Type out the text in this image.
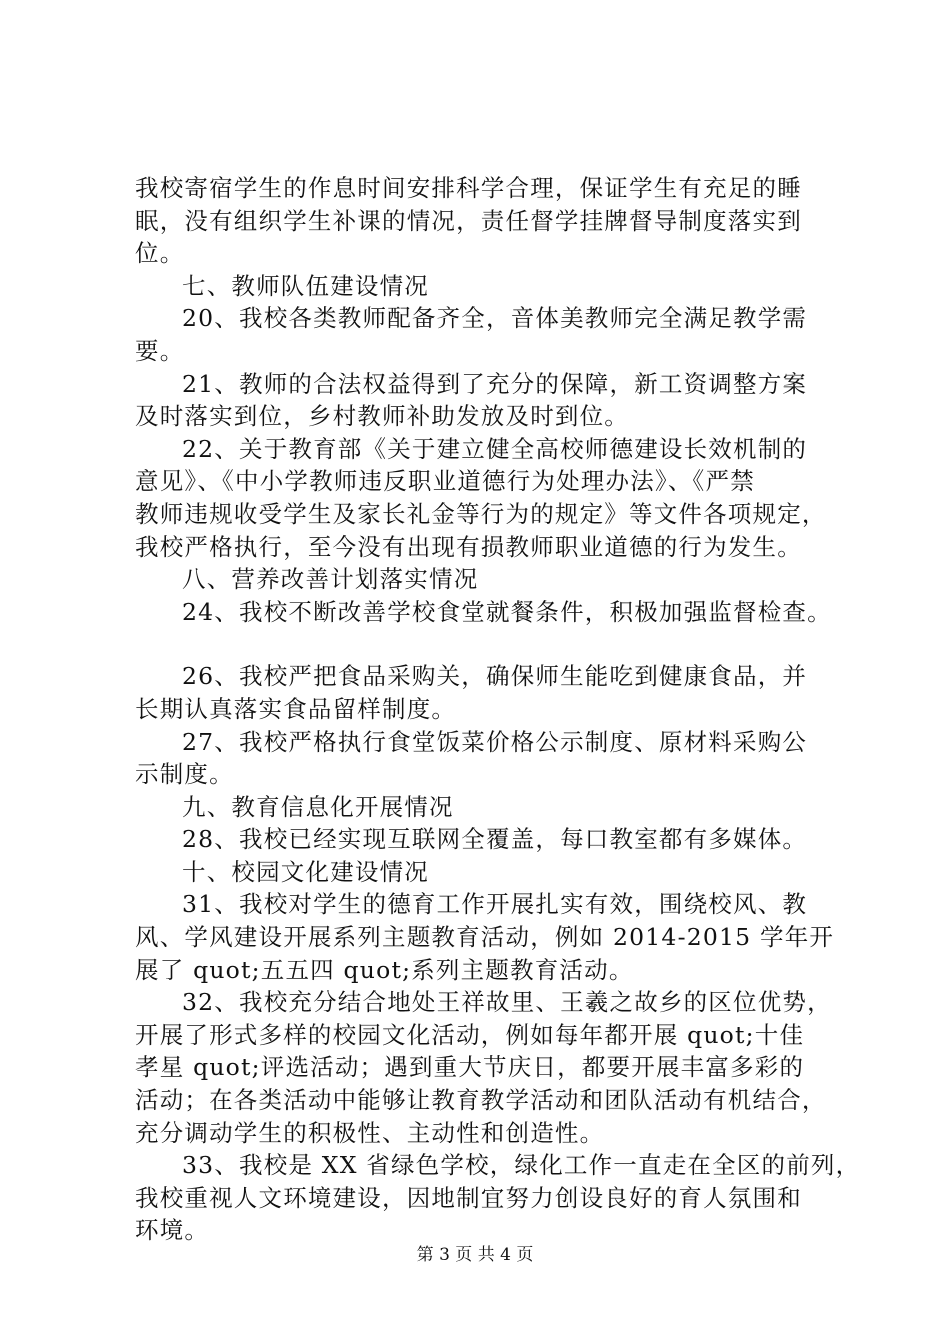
我校寄宿学生的作息时间安排科学合理，保证学生有充足的睡
眠，没有组织学生补课的情况，责任督学挂牌督导制度落实到
位。
七、教师队伍建设情况
20、我校各类教师配备齐全，音体美教师完全满足教学需
要。
21、教师的合法权益得到了充分的保障，新工资调整方案
及时落实到位，乡村教师补助发放及时到位。
22、关于教育部《关于建立健全高校师德建设长效机制的
意见》、《中小学教师违反职业道德行为处理办法》、《严禁
教师违规收受学生及家长礼金等行为的规定》等文件各项规定，
我校严格执行，至今没有出现有损教师职业道德的行为发生。
八、营养改善计划落实情况
24、我校不断改善学校食堂就餐条件，积极加强监督检查。
26、我校严把食品采购关，确保师生能吃到健康食品，并
长期认真落实食品留样制度。
27、我校严格执行食堂饭菜价格公示制度、原材料采购公
示制度。
九、教育信息化开展情况
28、我校已经实现互联网全覆盖，每口教室都有多媒体。
十、校园文化建设情况
31、我校对学生的德育工作开展扎实有效，围绕校风、教
风、学风建设开展系列主题教育活动，例如 2014-2015 学年开
展了 quot;五五四 quot;系列主题教育活动。
32、我校充分结合地处王祥故里、王羲之故乡的区位优势，
开展了形式多样的校园文化活动，例如每年都开展 quot;十佳
孝星 quot;评选活动；遇到重大节庆日，都要开展丰富多彩的
活动；在各类活动中能够让教育教学活动和团队活动有机结合，
充分调动学生的积极性、主动性和创造性。
33、我校是 XX 省绿色学校，绿化工作一直走在全区的前列，
我校重视人文环境建设，因地制宜努力创设良好的育人氛围和
环境。
第 3 页 共 4 页
